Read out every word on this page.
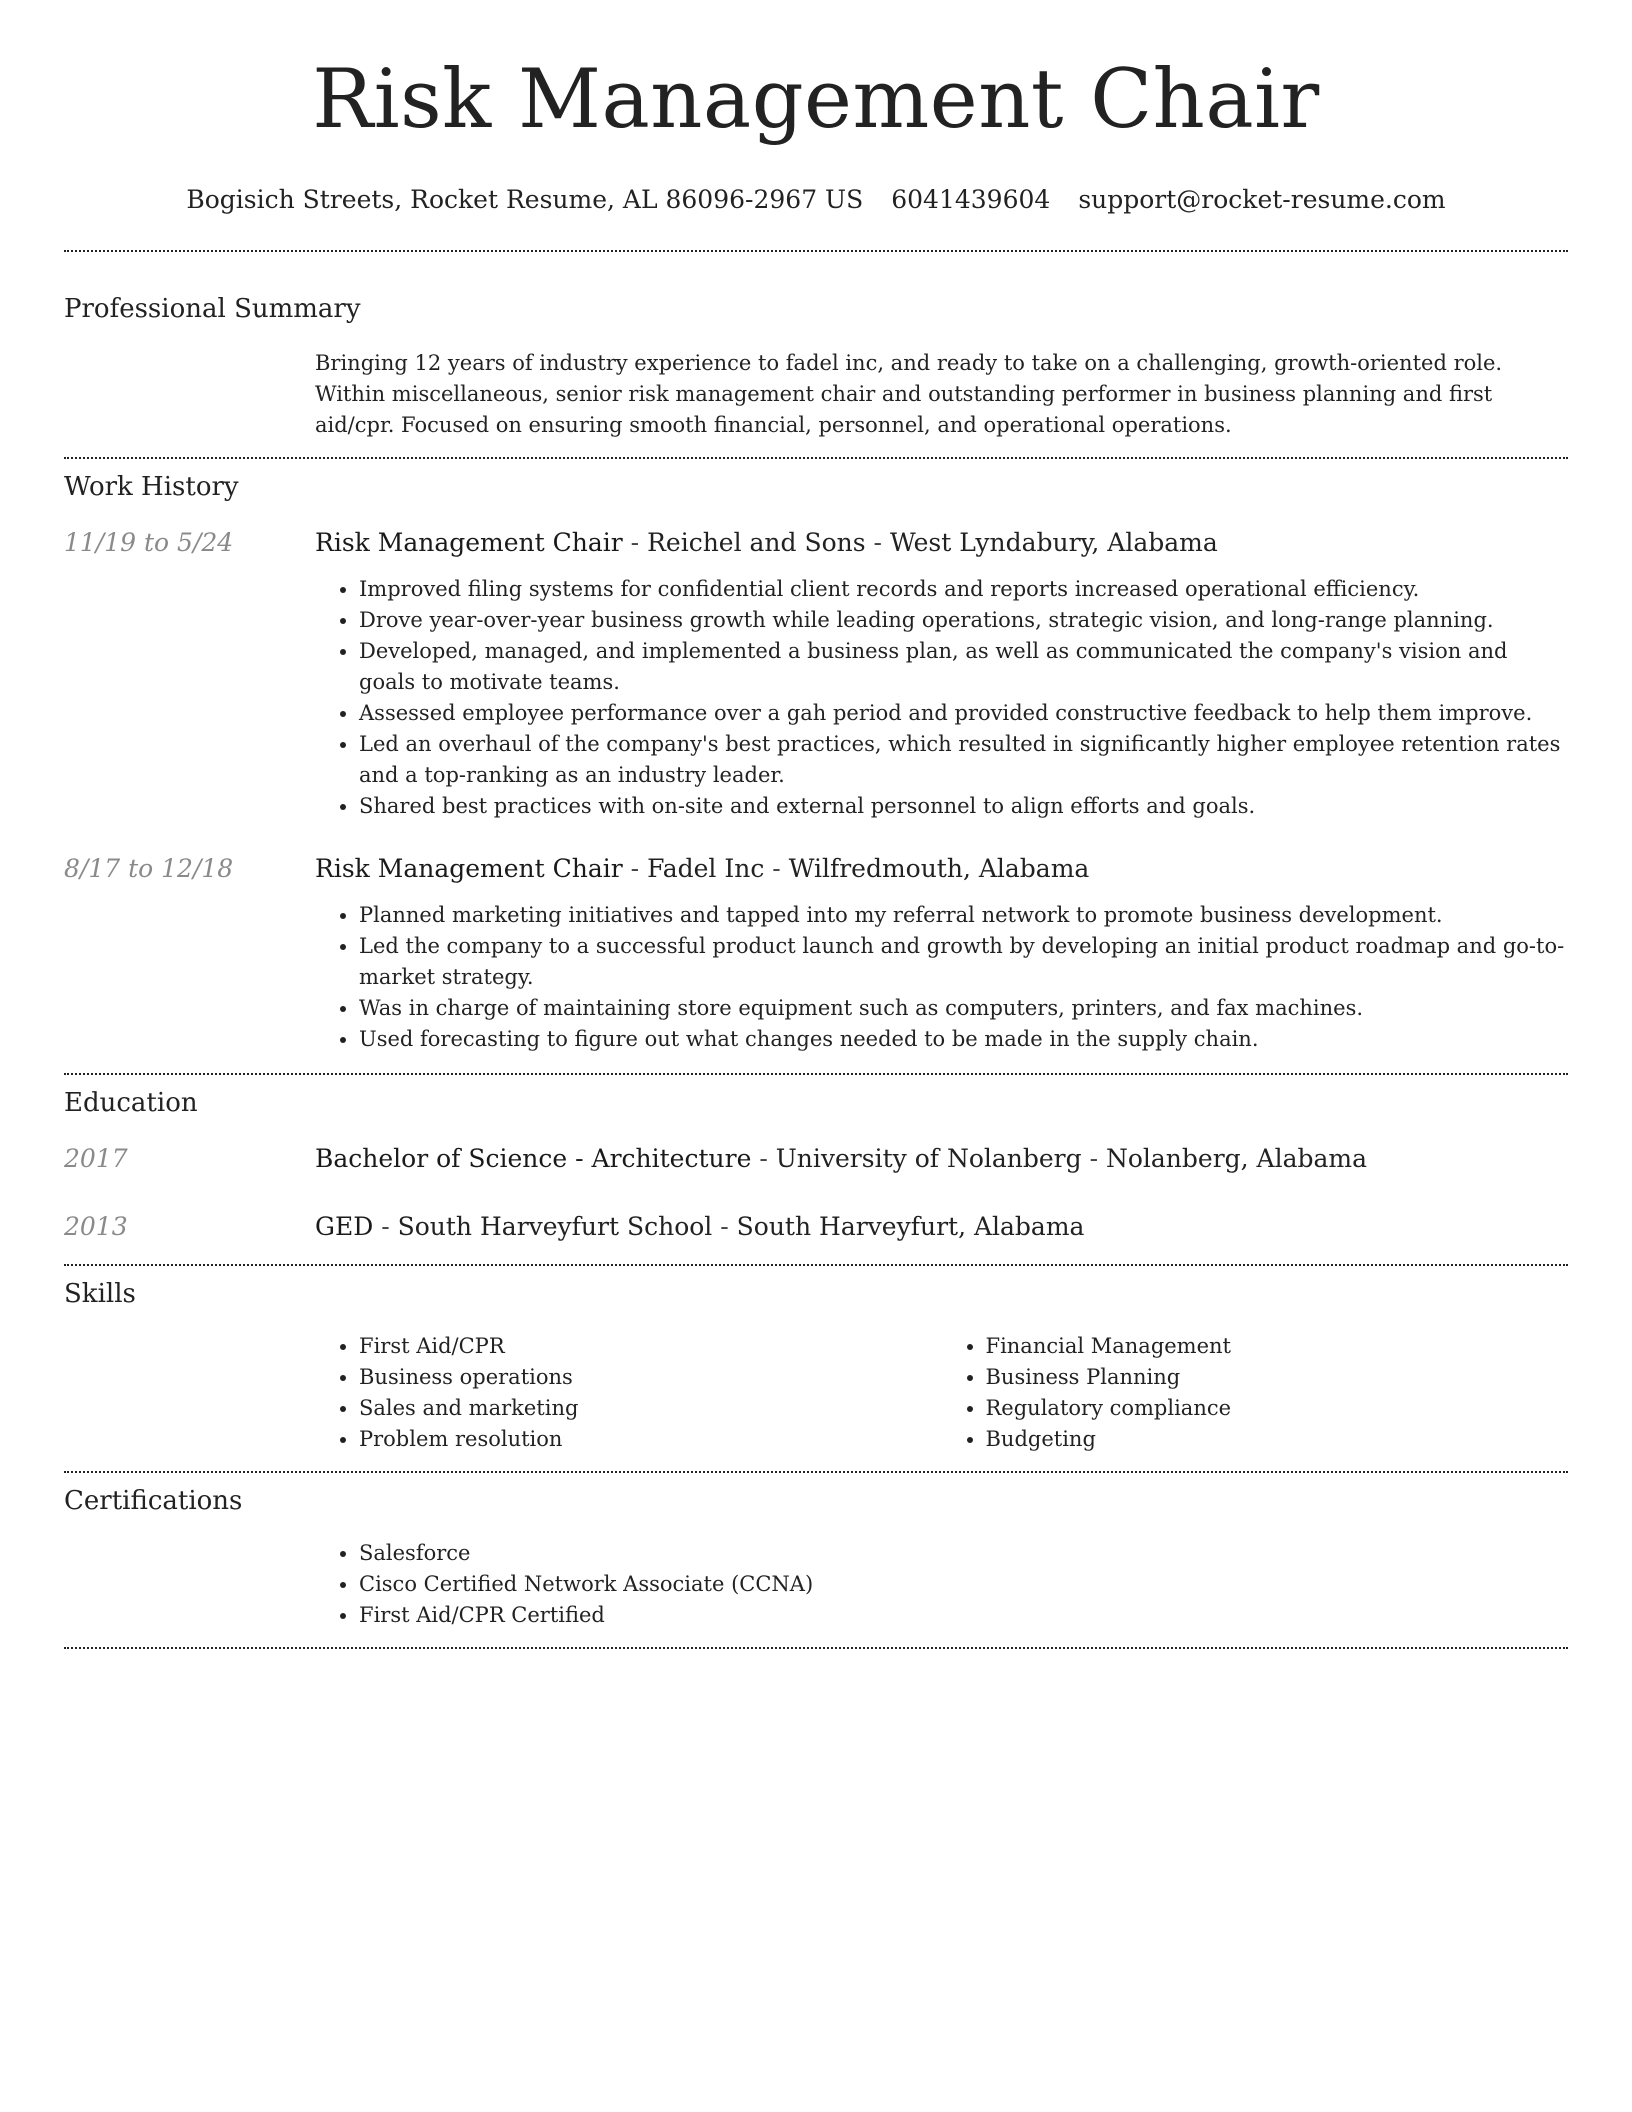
Risk Management Chair
Bogisich Streets, Rocket Resume, AL 86096-2967 US 6041439604 support@rocket-resume.com
Professional Summary
Bringing 12 years of industry experience to fadel inc, and ready to take on a challenging, growth-oriented role. Within miscellaneous, senior risk management chair and outstanding performer in business planning and first aid/cpr. Focused on ensuring smooth financial, personnel, and operational operations.
Work History
11/19 to 5/24	Risk Management Chair - Reichel and Sons - West Lyndabury, Alabama
• Improved filing systems for confidential client records and reports increased operational efficiency.
• Drove year-over-year business growth while leading operations, strategic vision, and long-range planning.
• Developed, managed, and implemented a business plan, as well as communicated the company's vision and goals to motivate teams.
• Assessed employee performance over a gah period and provided constructive feedback to help them improve.
• Led an overhaul of the company's best practices, which resulted in significantly higher employee retention rates and a top-ranking as an industry leader.
• Shared best practices with on-site and external personnel to align efforts and goals.
8/17 to 12/18	Risk Management Chair - Fadel Inc - Wilfredmouth, Alabama
• Planned marketing initiatives and tapped into my referral network to promote business development.
• Led the company to a successful product launch and growth by developing an initial product roadmap and go-to-market strategy.
• Was in charge of maintaining store equipment such as computers, printers, and fax machines.
• Used forecasting to figure out what changes needed to be made in the supply chain.
Education
2017	Bachelor of Science - Architecture - University of Nolanberg - Nolanberg, Alabama
2013	GED - South Harveyfurt School - South Harveyfurt, Alabama
Skills
• First Aid/CPR
• Business operations
• Sales and marketing
• Problem resolution
• Financial Management
• Business Planning
• Regulatory compliance
• Budgeting
Certifications
• Salesforce
• Cisco Certified Network Associate (CCNA)
• First Aid/CPR Certified
